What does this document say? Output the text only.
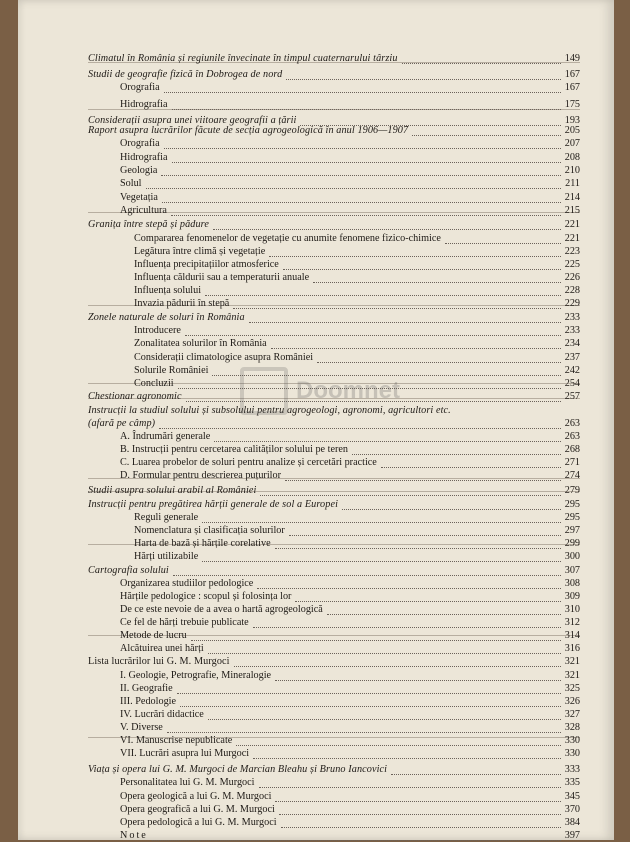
Climatul în România și regiunile înveсinate în timpul cuaternarului târziu	149
Studii de geografie fizică în Dobrogea de nord	167
Orografia	167
Hidrografia	175
Considerații asupra unei viitoare geografii a țării	193
Raport asupra lucrărilor făcute de secția agrogeologică în anul 1906—1907	205
Orografia	207
Hidrografia	208
Geologia	210
Solul	211
Vegetația	214
Agricultura	215
Granița între stepă și pădure	221
Compararea fenomenelor de vegetație cu anumite fenomene fizico-chimice	221
Legătura între climă și vegetație	223
Influența precipitațiilor atmosferice	225
Influența căldurii sau a temperaturii anuale	226
Influența solului	228
Invazia pădurii în stepă	229
Zonele naturale de soluri în România	233
Introducere	233
Zonalitatea solurilor în România	234
Considerații climatologice asupra României	237
Solurile României	242
Concluzii	254
Chestionar agronomic	257
Instrucții la studiul solului și subsolului pentru agrogeologi, agronomi, agricultori etc.
(afară pe câmp)	263
A. Îndrumări generale	263
B. Instrucții pentru cercetarea calităților solului pe teren	268
C. Luarea probelor de soluri pentru analize și cercetări practice	271
D. Formular pentru descrierea puțurilor	274
Studii asupra solului arabil al României	279
Instrucții pentru pregătirea hărții generale de sol a Europei	295
Reguli generale	295
Nomenclatura și clasificația solurilor	297
Harta de bază și hărțile corelative	299
Hărți utilizabile	300
Cartografia solului	307
Organizarea studiilor pedologice	308
Hărțile pedologice : scopul și folosința lor	309
De ce este nevoie de a avea o hartă agrogeologică	310
Ce fel de hărți trebuie publicate	312
Metode de lucru	314
Alcătuirea unei hărți	316
Lista lucrărilor lui G. M. Murgoci	321
I. Geologie, Petrografie, Mineralogie	321
II. Geografie	325
III. Pedologie	326
IV. Lucrări didactice	327
V. Diverse	328
VI. Manuscrise nepublicate	330
VII. Lucrări asupra lui Murgoci	330
Viața și opera lui G. M. Murgoci de Marcian Bleahu și Bruno Iancovici	333
Personalitatea lui G. M. Murgoci	335
Opera geologică a lui G. M. Murgoci	345
Opera geografică a lui G. M. Murgoci	370
Opera pedologică a lui G. M. Murgoci	384
Note	397
Doomnet
